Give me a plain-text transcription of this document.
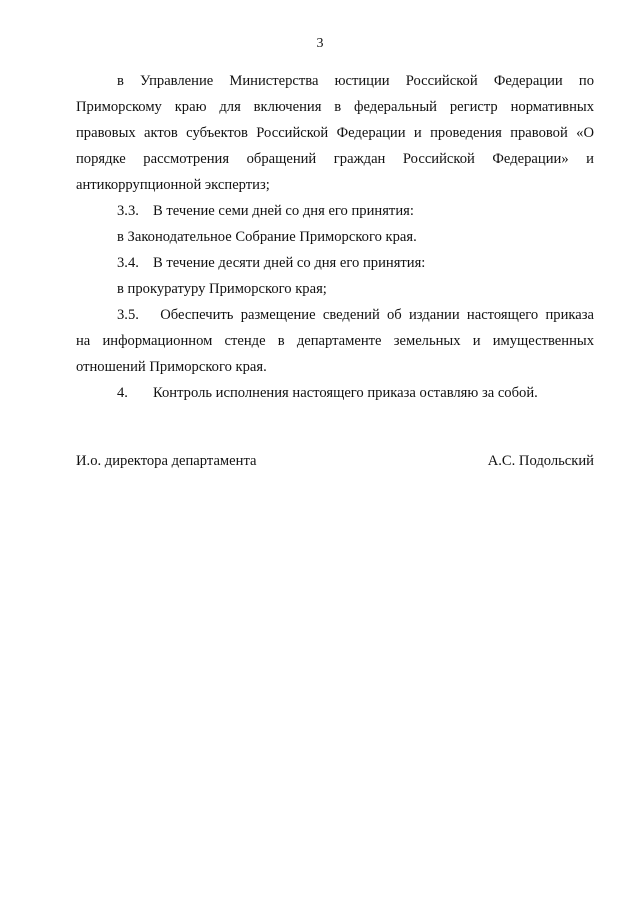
3
в Управление Министерства юстиции Российской Федерации по
Приморскому краю для включения в федеральный регистр нормативных
правовых актов субъектов Российской Федерации и проведения правовой «О
порядке рассмотрения обращений граждан Российской Федерации» и
антикоррупционной экспертиз;
3.3. В течение семи дней со дня его принятия:
в Законодательное Собрание Приморского края.
3.4. В течение десяти дней со дня его принятия:
в прокуратуру Приморского края;
3.5. Обеспечить размещение сведений об издании настоящего приказа
на информационном стенде в департаменте земельных и имущественных
отношений Приморского края.
4. Контроль исполнения настоящего приказа оставляю за собой.
И.о. директора департамента	А.С. Подольский
